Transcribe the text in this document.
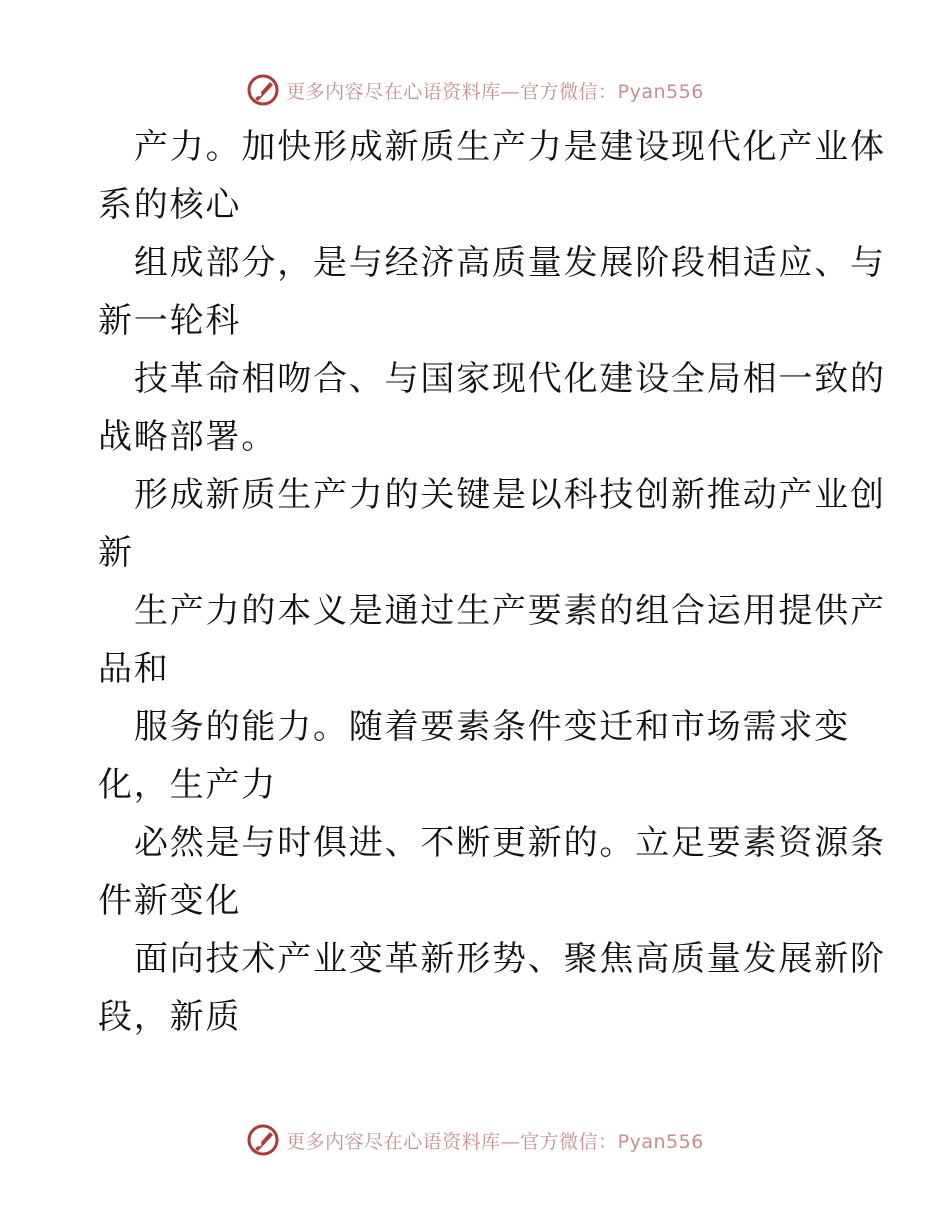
更多内容尽在心语资料库—官方微信：Pyan556

产力。加快形成新质生产力是建设现代化产业体
系的核心

组成部分，是与经济高质量发展阶段相适应、与
新一轮科

技革命相吻合、与国家现代化建设全局相一致的
战略部署。

形成新质生产力的关键是以科技创新推动产业创
新

生产力的本义是通过生产要素的组合运用提供产
品和

服务的能力。随着要素条件变迁和市场需求变
化，生产力

必然是与时俱进、不断更新的。立足要素资源条
件新变化

面向技术产业变革新形势、聚焦高质量发展新阶
段，新质

更多内容尽在心语资料库—官方微信：Pyan556
